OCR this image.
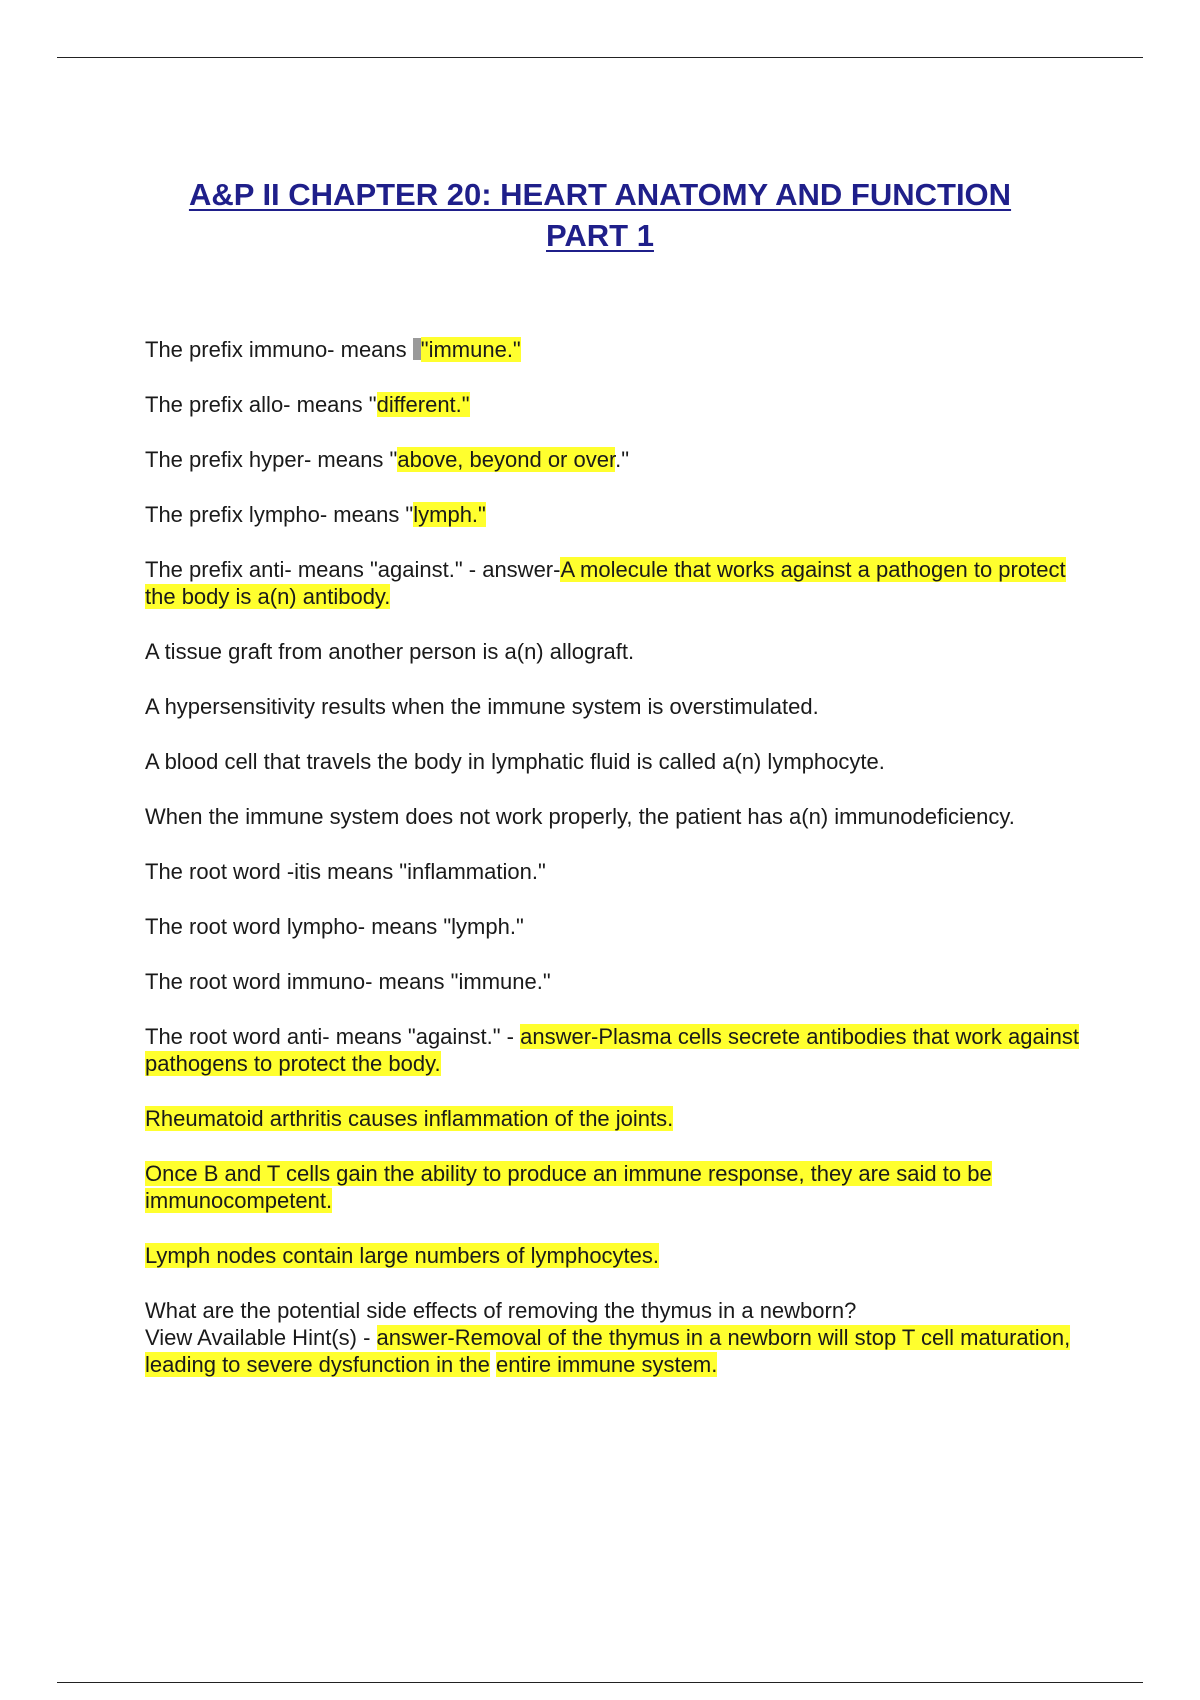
A&P II CHAPTER 20: HEART ANATOMY AND FUNCTION
PART 1

The prefix immuno- means "immune."

The prefix allo- means "different."

The prefix hyper- means "above, beyond or over."

The prefix lympho- means "lymph."

The prefix anti- means "against." - answer-A molecule that works against a pathogen to protect the body is a(n) antibody.

A tissue graft from another person is a(n) allograft.

A hypersensitivity results when the immune system is overstimulated.

A blood cell that travels the body in lymphatic fluid is called a(n) lymphocyte.

When the immune system does not work properly, the patient has a(n) immunodeficiency.

The root word -itis means "inflammation."

The root word lympho- means "lymph."

The root word immuno- means "immune."

The root word anti- means "against." - answer-Plasma cells secrete antibodies that work against pathogens to protect the body.

Rheumatoid arthritis causes inflammation of the joints.

Once B and T cells gain the ability to produce an immune response, they are said to be immunocompetent.

Lymph nodes contain large numbers of lymphocytes.

What are the potential side effects of removing the thymus in a newborn?
View Available Hint(s) - answer-Removal of the thymus in a newborn will stop T cell maturation, leading to severe dysfunction in the entire immune system.
